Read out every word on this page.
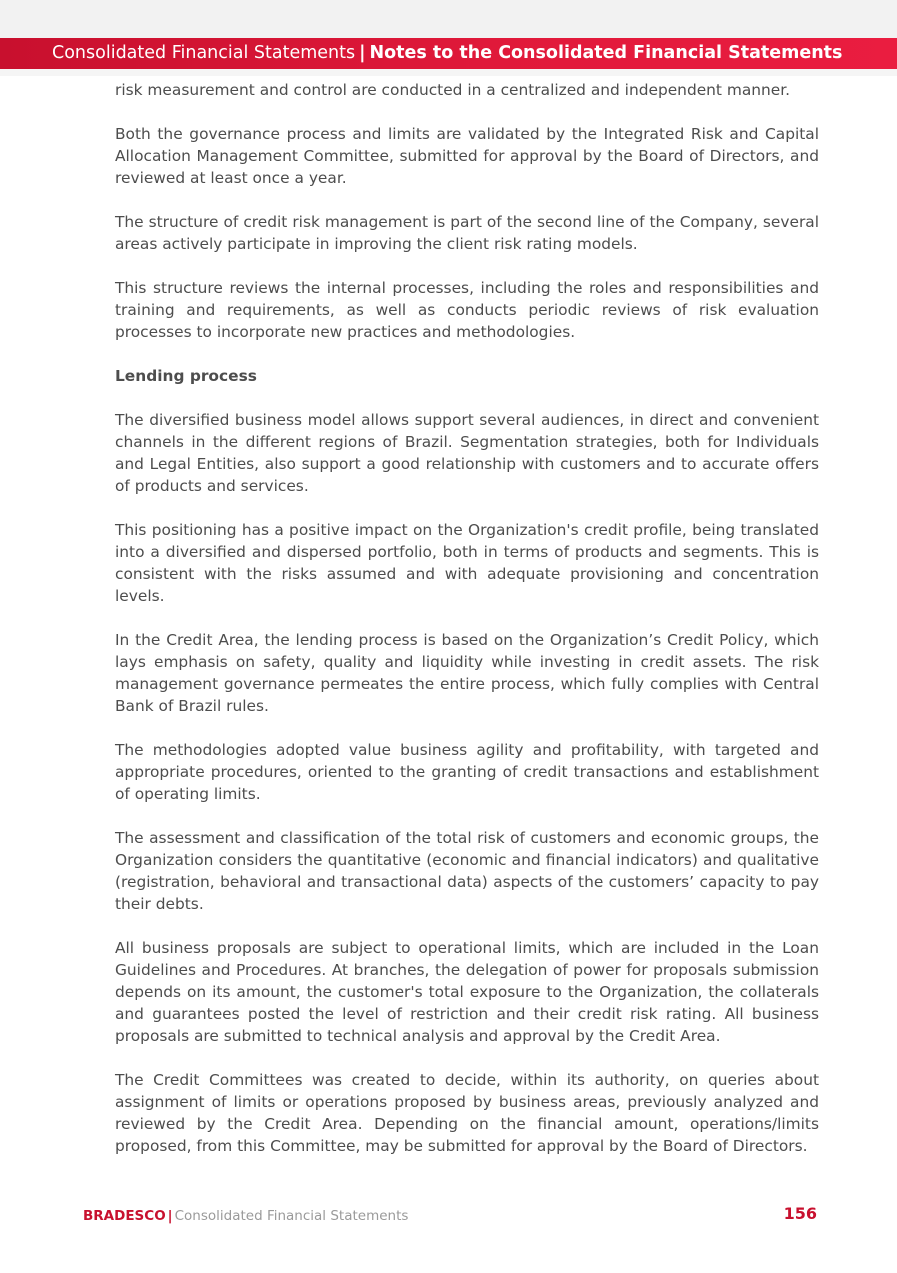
Consolidated Financial Statements | Notes to the Consolidated Financial Statements

risk measurement and control are conducted in a centralized and independent manner.

Both the governance process and limits are validated by the Integrated Risk and Capital Allocation Management Committee, submitted for approval by the Board of Directors, and reviewed at least once a year.

The structure of credit risk management is part of the second line of the Company, several areas actively participate in improving the client risk rating models.

This structure reviews the internal processes, including the roles and responsibilities and training and requirements, as well as conducts periodic reviews of risk evaluation processes to incorporate new practices and methodologies.

Lending process

The diversified business model allows support several audiences, in direct and convenient channels in the different regions of Brazil. Segmentation strategies, both for Individuals and Legal Entities, also support a good relationship with customers and to accurate offers of products and services.

This positioning has a positive impact on the Organization's credit profile, being translated into a diversified and dispersed portfolio, both in terms of products and segments. This is consistent with the risks assumed and with adequate provisioning and concentration levels.

In the Credit Area, the lending process is based on the Organization’s Credit Policy, which lays emphasis on safety, quality and liquidity while investing in credit assets. The risk management governance permeates the entire process, which fully complies with Central Bank of Brazil rules.

The methodologies adopted value business agility and profitability, with targeted and appropriate procedures, oriented to the granting of credit transactions and establishment of operating limits.

The assessment and classification of the total risk of customers and economic groups, the Organization considers the quantitative (economic and financial indicators) and qualitative (registration, behavioral and transactional data) aspects of the customers’ capacity to pay their debts.

All business proposals are subject to operational limits, which are included in the Loan Guidelines and Procedures. At branches, the delegation of power for proposals submission depends on its amount, the customer's total exposure to the Organization, the collaterals and guarantees posted the level of restriction and their credit risk rating. All business proposals are submitted to technical analysis and approval by the Credit Area.

The Credit Committees was created to decide, within its authority, on queries about assignment of limits or operations proposed by business areas, previously analyzed and reviewed by the Credit Area. Depending on the financial amount, operations/limits proposed, from this Committee, may be submitted for approval by the Board of Directors.

BRADESCO | Consolidated Financial Statements	156
